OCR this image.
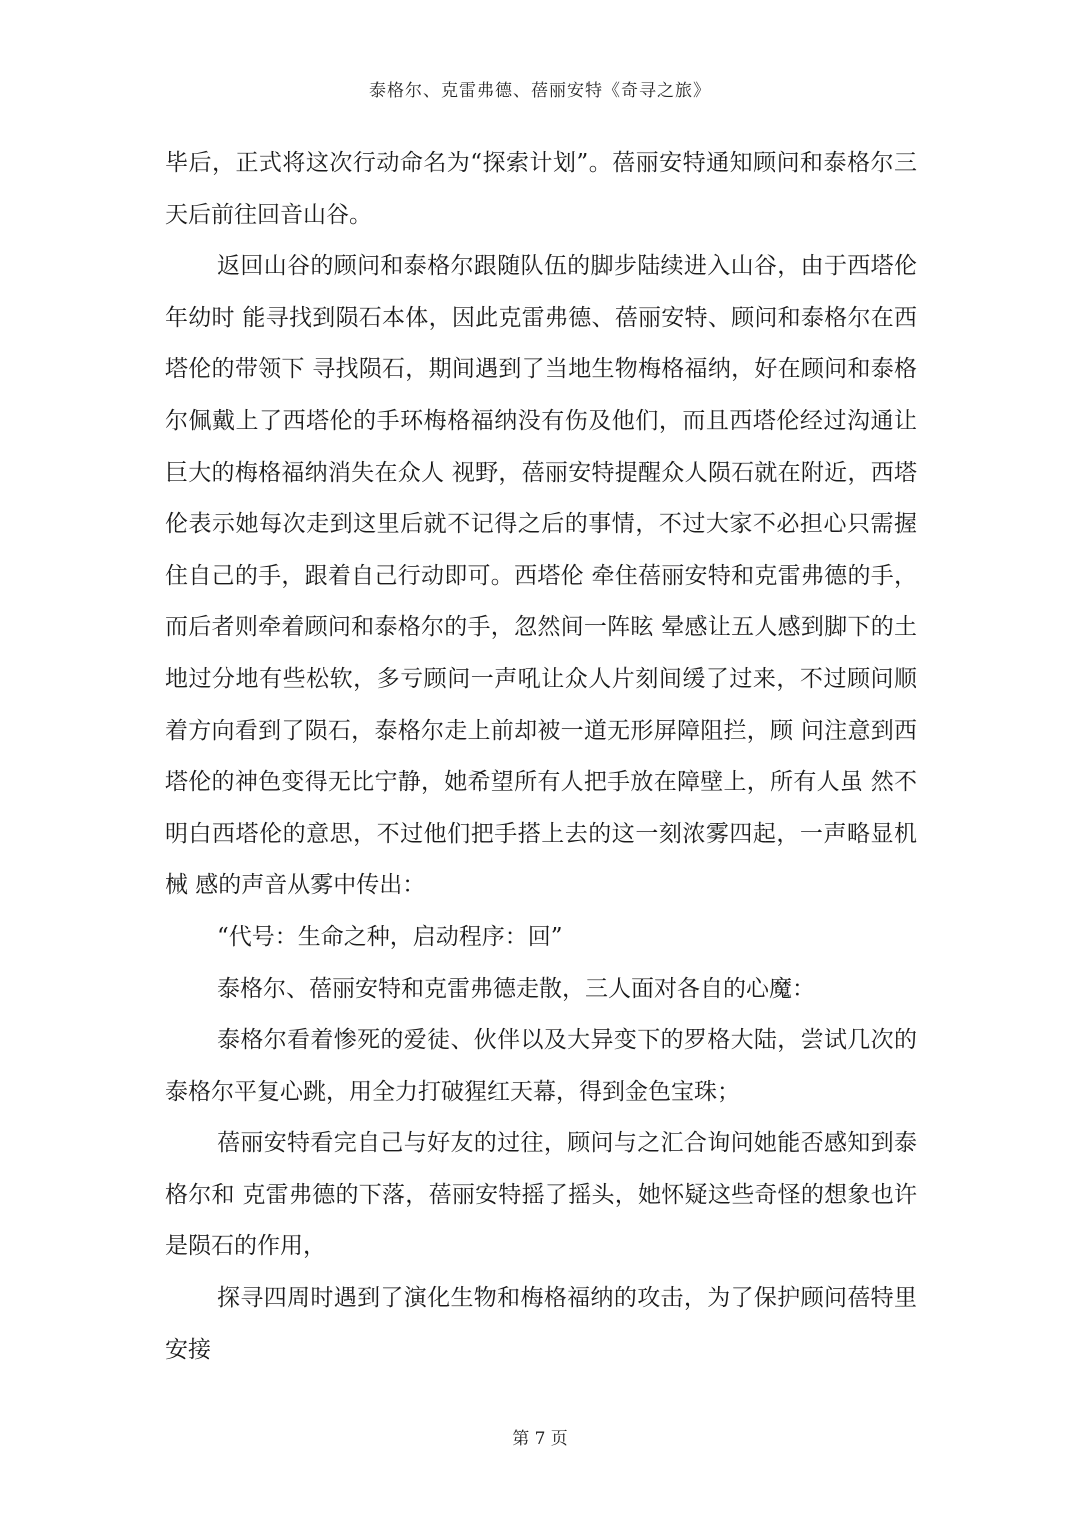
泰格尔、克雷弗德、蓓丽安特《奇寻之旅》

毕后，正式将这次行动命名为“探索计划”。蓓丽安特通知顾问和泰格尔三天后前往回音山谷。

返回山谷的顾问和泰格尔跟随队伍的脚步陆续进入山谷，由于西塔伦年幼时 能寻找到陨石本体，因此克雷弗德、蓓丽安特、顾问和泰格尔在西塔伦的带领下 寻找陨石，期间遇到了当地生物梅格福纳，好在顾问和泰格尔佩戴上了西塔伦的手环梅格福纳没有伤及他们，而且西塔伦经过沟通让巨大的梅格福纳消失在众人 视野，蓓丽安特提醒众人陨石就在附近，西塔伦表示她每次走到这里后就不记得之后的事情，不过大家不必担心只需握住自己的手，跟着自己行动即可。西塔伦 牵住蓓丽安特和克雷弗德的手，而后者则牵着顾问和泰格尔的手，忽然间一阵眩 晕感让五人感到脚下的土地过分地有些松软，多亏顾问一声吼让众人片刻间缓了过来，不过顾问顺着方向看到了陨石，泰格尔走上前却被一道无形屏障阻拦，顾 问注意到西塔伦的神色变得无比宁静，她希望所有人把手放在障壁上，所有人虽 然不明白西塔伦的意思，不过他们把手搭上去的这一刻浓雾四起，一声略显机械 感的声音从雾中传出：

“代号：生命之种，启动程序：回”

泰格尔、蓓丽安特和克雷弗德走散，三人面对各自的心魔：

泰格尔看着惨死的爱徒、伙伴以及大异变下的罗格大陆，尝试几次的泰格尔平复心跳，用全力打破猩红天幕，得到金色宝珠；

蓓丽安特看完自己与好友的过往，顾问与之汇合询问她能否感知到泰格尔和 克雷弗德的下落，蓓丽安特摇了摇头，她怀疑这些奇怪的想象也许是陨石的作用，

探寻四周时遇到了演化生物和梅格福纳的攻击，为了保护顾问蓓特里安接

第 7 页
